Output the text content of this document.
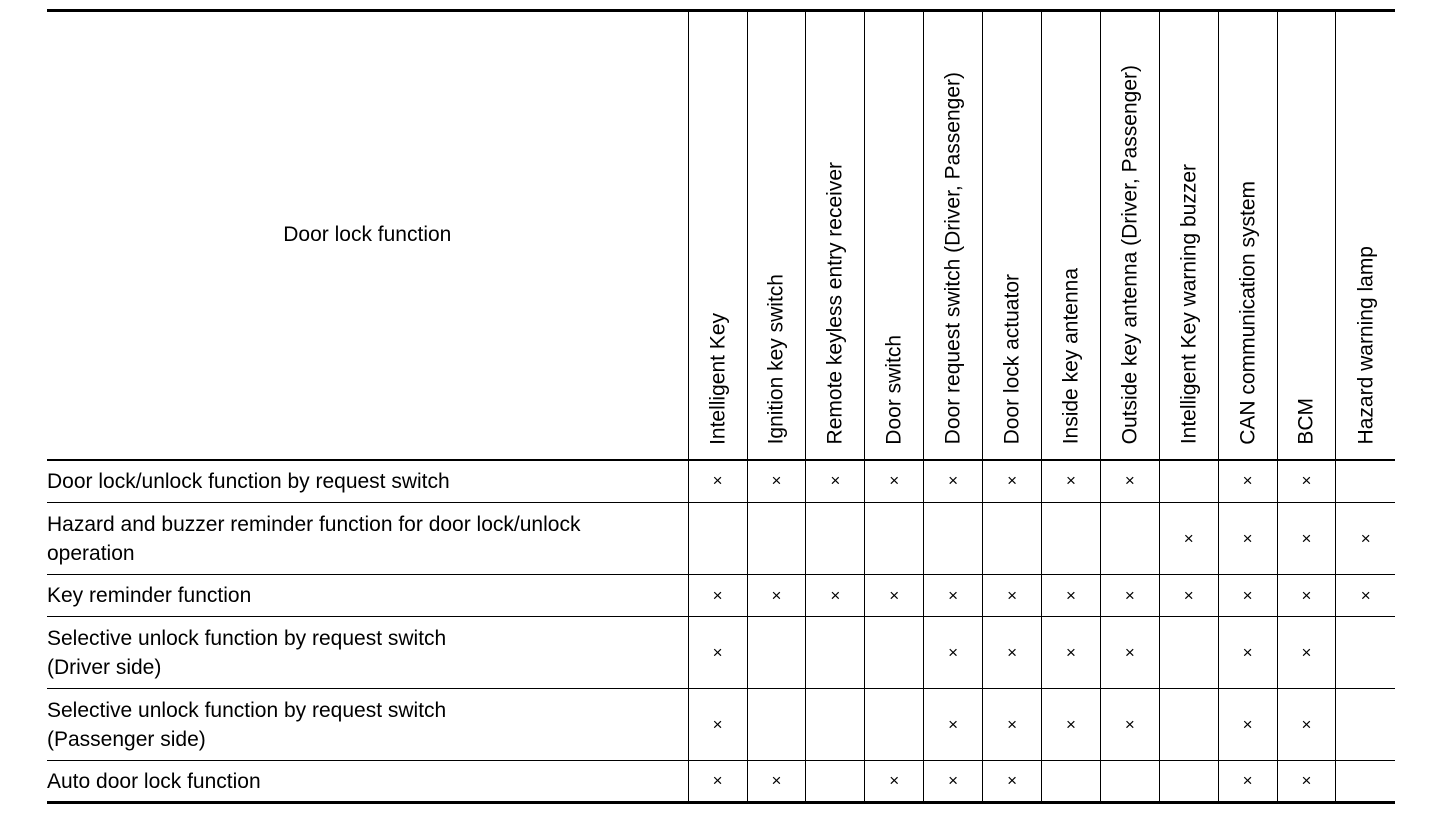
Door lock function	Intelligent Key	Ignition key switch	Remote keyless entry receiver	Door switch	Door request switch (Driver, Passenger)	Door lock actuator	Inside key antenna	Outside key antenna (Driver, Passenger)	Intelligent Key warning buzzer	CAN communication system	BCM	Hazard warning lamp

Door lock/unlock function by request switch	×	×	×	×	×	×	×	×		×	×	
Hazard and buzzer reminder function for door lock/unlock
operation									×	×	×	×
Key reminder function	×	×	×	×	×	×	×	×	×	×	×	×
Selective unlock function by request switch
(Driver side)	×				×	×	×	×		×	×	
Selective unlock function by request switch
(Passenger side)	×				×	×	×	×		×	×	
Auto door lock function	×	×		×	×	×				×	×	
